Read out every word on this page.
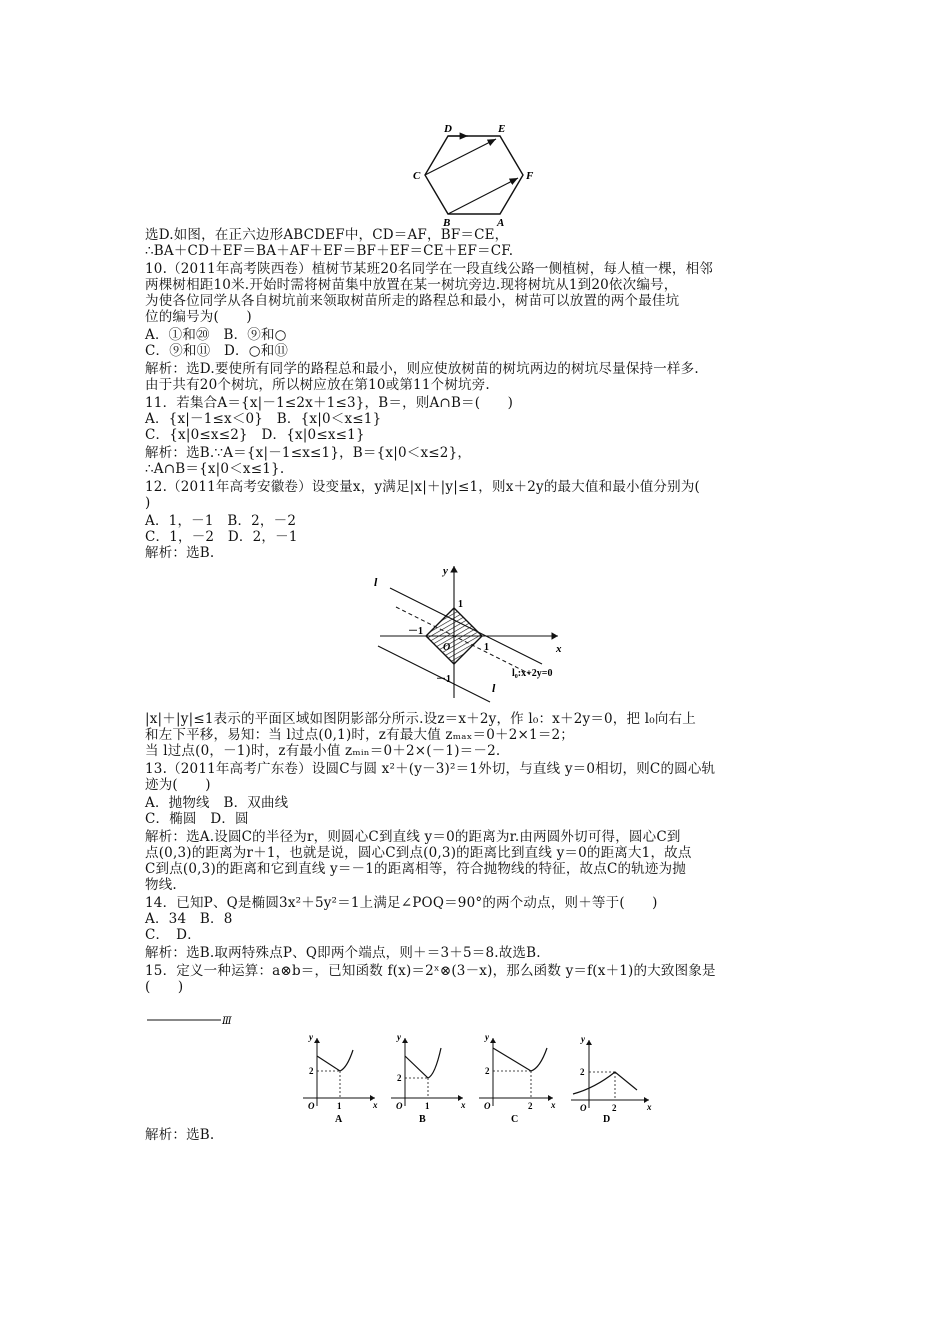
D	E
C	F
B	A
选D.如图，在正六边形ABCDEF中，CD＝AF，BF＝CE，
∴BA＋CD＋EF＝BA＋AF＋EF＝BF＋EF＝CE＋EF＝CF.
10.（2011年高考陕西卷）植树节某班20名同学在一段直线公路一侧植树，每人植一棵，相邻
两棵树相距10米.开始时需将树苗集中放置在某一树坑旁边.现将树坑从1到20依次编号，
为使各位同学从各自树坑前来领取树苗所走的路程总和最小，树苗可以放置的两个最佳坑
位的编号为(　　)
A．①和⑳　B．⑨和○
C．⑨和⑪　D．○和⑪
解析：选D.要使所有同学的路程总和最小，则应使放树苗的树坑两边的树坑尽量保持一样多.
由于共有20个树坑，所以树应放在第10或第11个树坑旁.
11．若集合A＝{x|－1≤2x＋1≤3}，B＝，则A∩B＝(　　)
A．{x|－1≤x＜0}　B．{x|0＜x≤1}
C．{x|0≤x≤2}　D．{x|0≤x≤1}
解析：选B.∵A＝{x|－1≤x≤1}，B＝{x|0＜x≤2}，
∴A∩B＝{x|0＜x≤1}.
12.（2011年高考安徽卷）设变量x，y满足|x|＋|y|≤1，则x＋2y的最大值和最小值分别为(
)
A．1，－1　B．2，－2
C．1，－2　D．2，－1
解析：选B.
l
l
y
x
1
1
－1
－1
O
l₀:x+2y=0
|x|＋|y|≤1表示的平面区域如图阴影部分所示.设z＝x＋2y，作 l₀：x＋2y＝0，把 l₀向右上
和左下平移，易知：当 l过点(0,1)时，z有最大值 zₘₐₓ＝0＋2×1＝2；
当 l过点(0，－1)时，z有最小值 zₘᵢₙ＝0＋2×(－1)＝－2.
13.（2011年高考广东卷）设圆C与圆 x²＋(y－3)²＝1外切，与直线 y＝0相切，则C的圆心轨
迹为(　　)
A．抛物线　B．双曲线
C．椭圆　D．圆
解析：选A.设圆C的半径为r，则圆心C到直线 y＝0的距离为r.由两圆外切可得，圆心C到
点(0,3)的距离为r＋1，也就是说，圆心C到点(0,3)的距离比到直线 y＝0的距离大1，故点
C到点(0,3)的距离和它到直线 y＝－1的距离相等，符合抛物线的特征，故点C的轨迹为抛
物线.
14．已知P、Q是椭圆3x²＋5y²＝1上满足∠POQ＝90°的两个动点，则＋等于(　　)
A．34　B．8
C．　D．
解析：选B.取两特殊点P、Q即两个端点，则＋＝3＋5＝8.故选B.
15．定义一种运算：a⊗b＝，已知函数 f(x)＝2ˣ⊗(3－x)，那么函数 y＝f(x＋1)的大致图象是
(　　)
Ⅲ
y
x
O
2
1
A
y
x
O
2
1
B
y
x
O
2
2
C
y
x
O
2
2
D
解析：选B.
